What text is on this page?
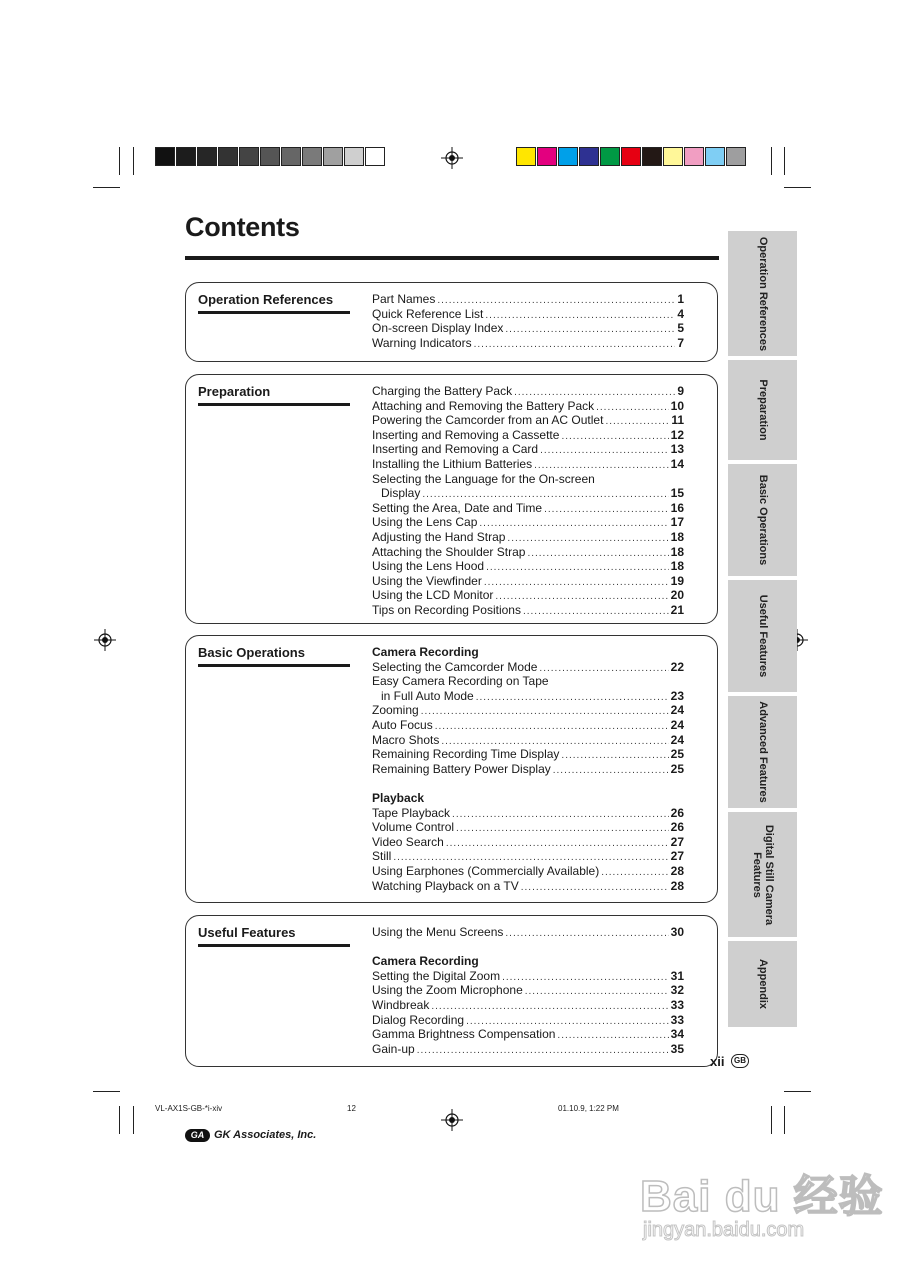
Contents
Operation References	Part Names .....	1
Quick Reference List .....	4
On-screen Display Index .....	5
Warning Indicators .....	7
Preparation	Charging the Battery Pack .....	9
Attaching and Removing the Battery Pack .....	10
Powering the Camcorder from an AC Outlet .....	11
Inserting and Removing a Cassette .....	12
Inserting and Removing a Card .....	13
Installing the Lithium Batteries .....	14
Selecting the Language for the On-screen
Display .....	15
Setting the Area, Date and Time .....	16
Using the Lens Cap .....	17
Adjusting the Hand Strap .....	18
Attaching the Shoulder Strap .....	18
Using the Lens Hood .....	18
Using the Viewfinder .....	19
Using the LCD Monitor .....	20
Tips on Recording Positions .....	21
Basic Operations	Camera Recording
Selecting the Camcorder Mode .....	22
Easy Camera Recording on Tape
in Full Auto Mode .....	23
Zooming .....	24
Auto Focus .....	24
Macro Shots .....	24
Remaining Recording Time Display .....	25
Remaining Battery Power Display .....	25
Playback
Tape Playback .....	26
Volume Control .....	26
Video Search .....	27
Still .....	27
Using Earphones (Commercially Available) .....	28
Watching Playback on a TV .....	28
Useful Features	Using the Menu Screens .....	30
Camera Recording
Setting the Digital Zoom .....	31
Using the Zoom Microphone .....	32
Windbreak .....	33
Dialog Recording .....	33
Gamma Brightness Compensation .....	34
Gain-up .....	35
Operation References
Preparation
Basic Operations
Useful Features
Advanced Features
Digital Still Camera Features
Appendix
xii	GB
VL-AX1S-GB-*i-xiv	12	01.10.9, 1:22 PM
GA GK Associates, Inc.
Bai du 经验
jingyan.baidu.com
